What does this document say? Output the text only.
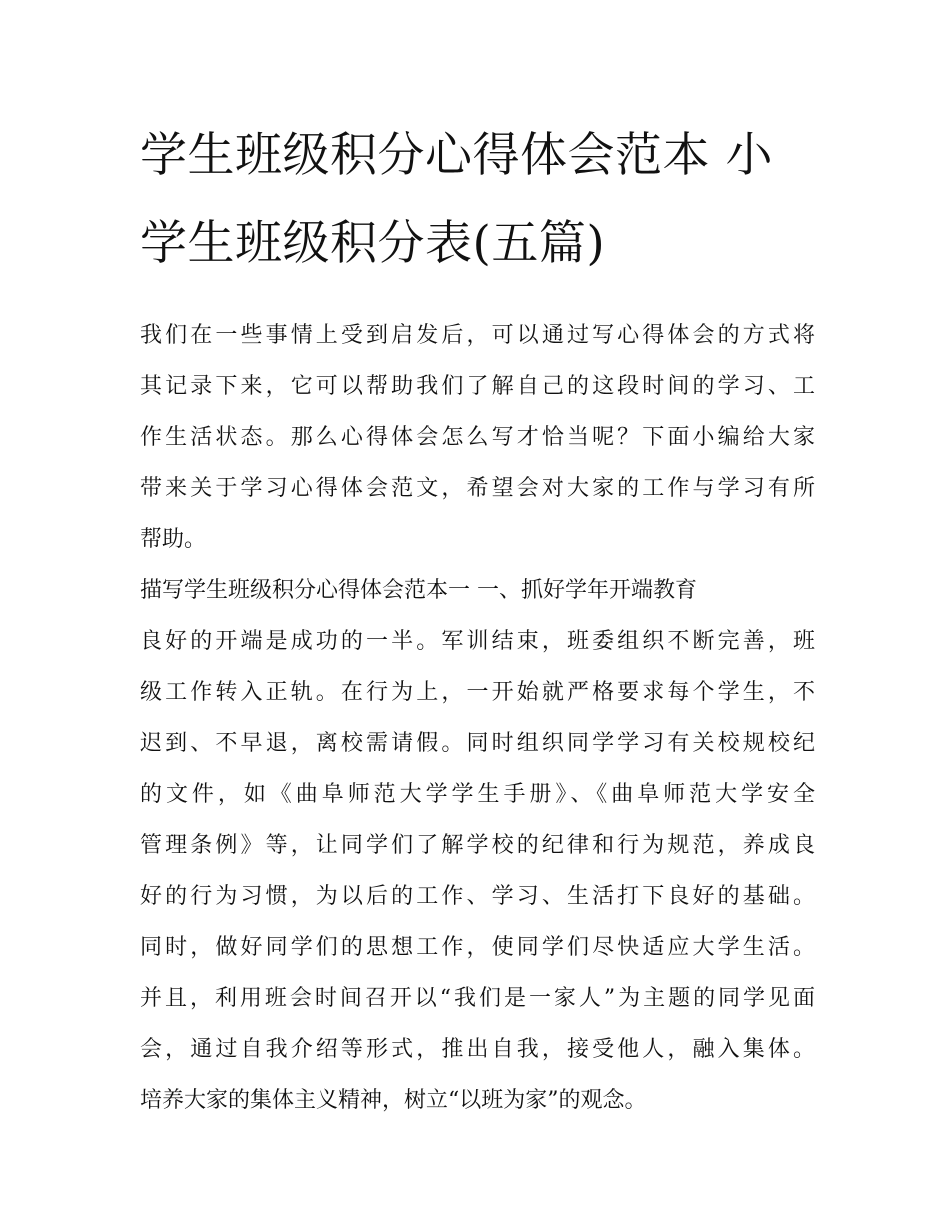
学生班级积分心得体会范本 小
学生班级积分表(五篇)
我们在一些事情上受到启发后，可以通过写心得体会的方式将
其记录下来，它可以帮助我们了解自己的这段时间的学习、工
作生活状态。那么心得体会怎么写才恰当呢？下面小编给大家
带来关于学习心得体会范文，希望会对大家的工作与学习有所
帮助。
描写学生班级积分心得体会范本一 一、抓好学年开端教育
良好的开端是成功的一半。军训结束，班委组织不断完善，班
级工作转入正轨。在行为上，一开始就严格要求每个学生，不
迟到、不早退，离校需请假。同时组织同学学习有关校规校纪
的文件，如《曲阜师范大学学生手册》、《曲阜师范大学安全
管理条例》等，让同学们了解学校的纪律和行为规范，养成良
好的行为习惯，为以后的工作、学习、生活打下良好的基础。
同时，做好同学们的思想工作，使同学们尽快适应大学生活。
并且，利用班会时间召开以“我们是一家人”为主题的同学见面
会，通过自我介绍等形式，推出自我，接受他人，融入集体。
培养大家的集体主义精神，树立“以班为家”的观念。
